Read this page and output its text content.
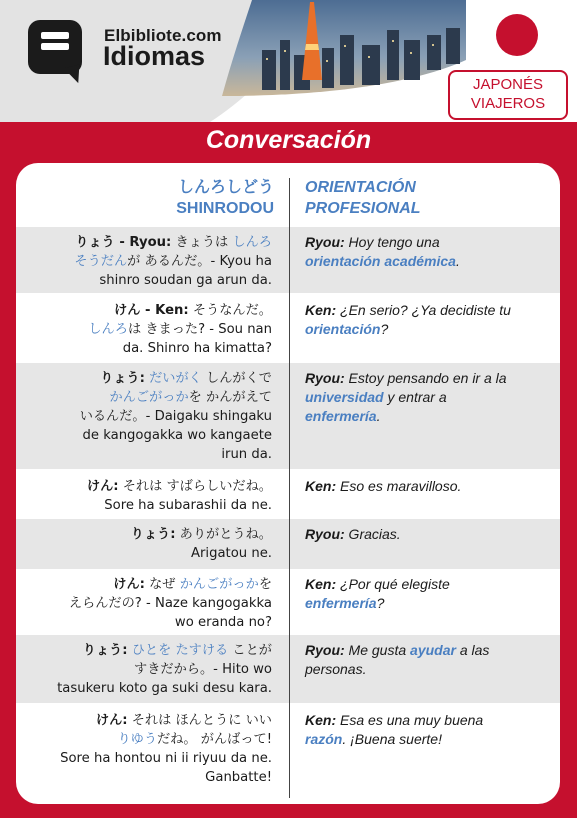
Elbibliote.com
Idiomas
JAPONÉS
VIAJEROS
Conversación
しんろしどう
SHINRODOU
ORIENTACIÓN
PROFESIONAL
りょう - Ryou: きょうは しんろ
そうだんが あるんだ。- Kyou ha
shinro soudan ga arun da.
Ryou: Hoy tengo una
orientación académica.
けん - Ken: そうなんだ。
しんろは きまった? - Sou nan
da. Shinro ha kimatta?
Ken: ¿En serio? ¿Ya decidiste tu
orientación?
りょう: だいがく しんがくで
かんごがっかを かんがえて
いるんだ。- Daigaku shingaku
de kangogakka wo kangaete
irun da.
Ryou: Estoy pensando en ir a la
universidad y entrar a
enfermería.
けん: それは すばらしいだね。
Sore ha subarashii da ne.
Ken: Eso es maravilloso.
りょう: ありがとうね。
Arigatou ne.
Ryou: Gracias.
けん: なぜ かんごがっかを
えらんだの? - Naze kangogakka
wo eranda no?
Ken: ¿Por qué elegiste
enfermería?
りょう: ひとを たすける ことが
すきだから。- Hito wo
tasukeru koto ga suki desu kara.
Ryou: Me gusta ayudar a las
personas.
けん: それは ほんとうに いい
りゆうだね。 がんばって!
Sore ha hontou ni ii riyuu da ne.
Ganbatte!
Ken: Esa es una muy buena
razón. ¡Buena suerte!
